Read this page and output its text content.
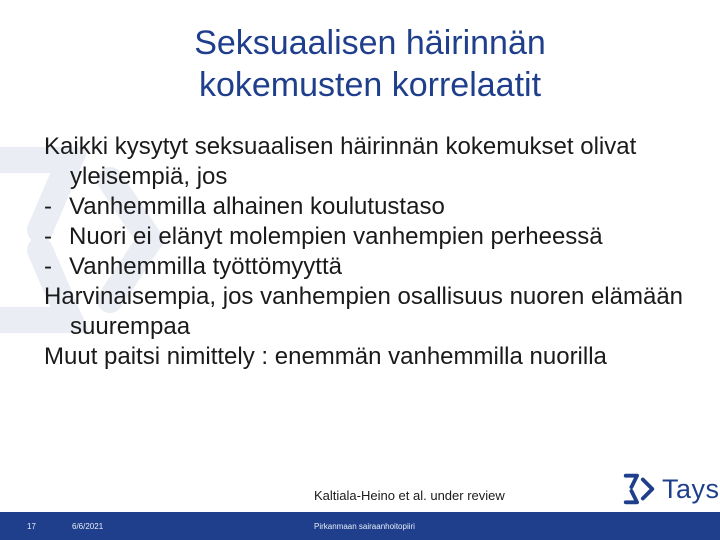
Seksuaalisen häirinnän
kokemusten korrelaatit

Kaikki kysytyt seksuaalisen häirinnän kokemukset olivat yleisempiä, jos

- Vanhemmilla alhainen koulutustaso
- Nuori ei elänyt molempien vanhempien perheessä
- Vanhemmilla työttömyyttä

Harvinaisempia, jos vanhempien osallisuus nuoren elämään suurempaa

Muut paitsi nimittely : enemmän vanhemmilla nuorilla

Kaltiala-Heino et al. under review	Tays
17	6/6/2021	Pirkanmaan sairaanhoitopiiri
